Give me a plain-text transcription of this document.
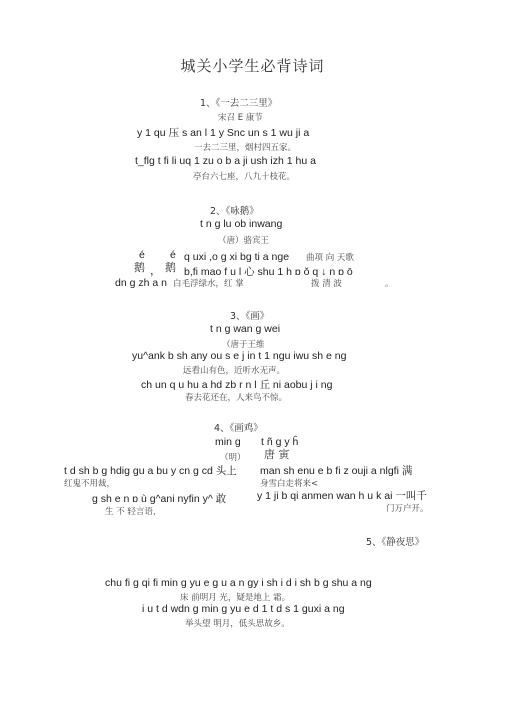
城关小学生必背诗词
1、《一去二三里》
宋召 E 康节
y 1 qu 压 s an l 1 y Snc un s 1 wu ji a
一去二三里，烟村四五家。
t_flg t fi li uq 1 zu o b a ji ush izh 1 hu a
亭台六七座，八九十枝花。
2、《咏鹅》
t n g lu ob inwang
（唐）骆宾王
é é
鹅 ， 鹅
q uxi ,o g xi bg ti a nge 曲项 向 天歌
b,fi mao f u l 心 shu 1 h ɒ ǒ q ↓ n ɒ ō
dn g zh a n 白毛浮绿水，红 掌	拨 清 波	。
3、《画》
t n g wan g wei
（唐于王维
yu^ank b sh any ou s e j in t 1 ngu iwu sh e ng
远看山有色，近听水无声。
ch un q u hu a hd zb r n l 丘 ni aobu j i ng
春去花还在，人来鸟不惊。
4、《画鸡》
min g t ñ g y ĥ
（明） 唐 寅
t d sh b g hdig gu a bu y cn g cd 头上
红鬼不用裁，
man sh enu e b fi z ouji a nlgfi 满
身雪白走将来<
g sh e n ɒ ù g^ani nyfin y^ 敢
生 不 轻言语，
y 1 ji b qi anmen wan h u k ai 一叫千
门万户开。
5、《静夜思》
chu fi g qi fi min g yu e g u a n gy i sh i d i sh b g shu a ng
床 前明月 光，疑是地上 霜。
i u t d wdn g min g yu e d 1 t d s 1 guxi a ng
举头望 明月，低头思故乡。
